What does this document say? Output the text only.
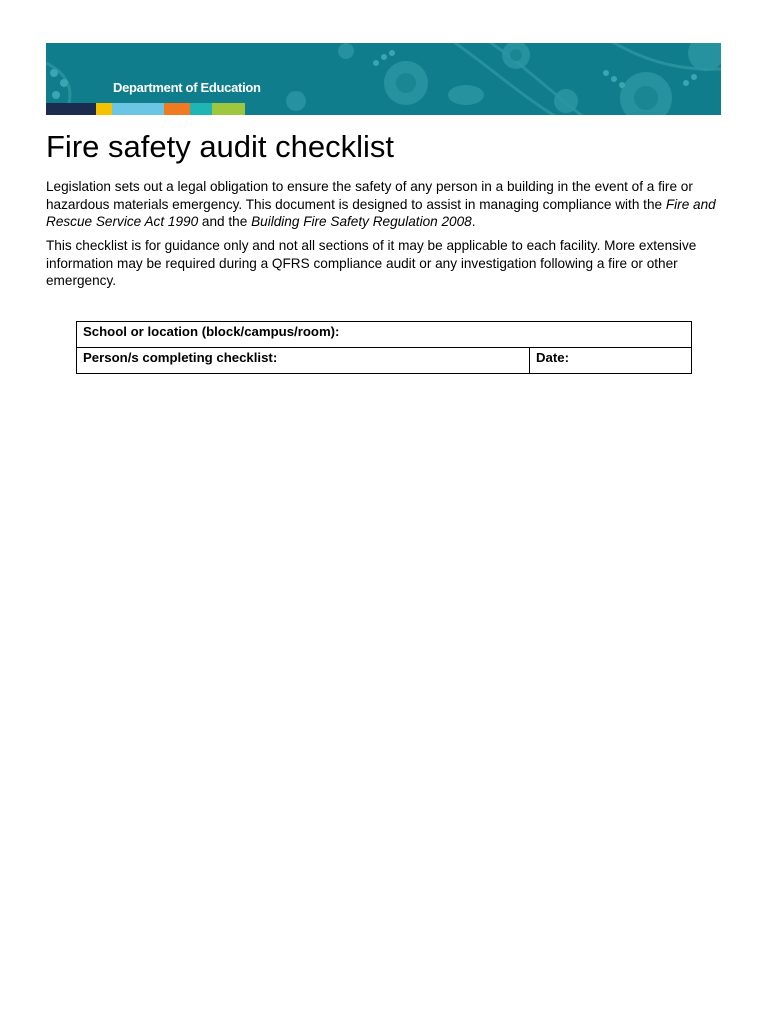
Department of Education
Fire safety audit checklist

Legislation sets out a legal obligation to ensure the safety of any person in a building in the event of a fire or hazardous materials emergency. This document is designed to assist in managing compliance with the Fire and Rescue Service Act 1990 and the Building Fire Safety Regulation 2008.

This checklist is for guidance only and not all sections of it may be applicable to each facility. More extensive information may be required during a QFRS compliance audit or any investigation following a fire or other emergency.

School or location (block/campus/room):
Person/s completing checklist:	Date:
